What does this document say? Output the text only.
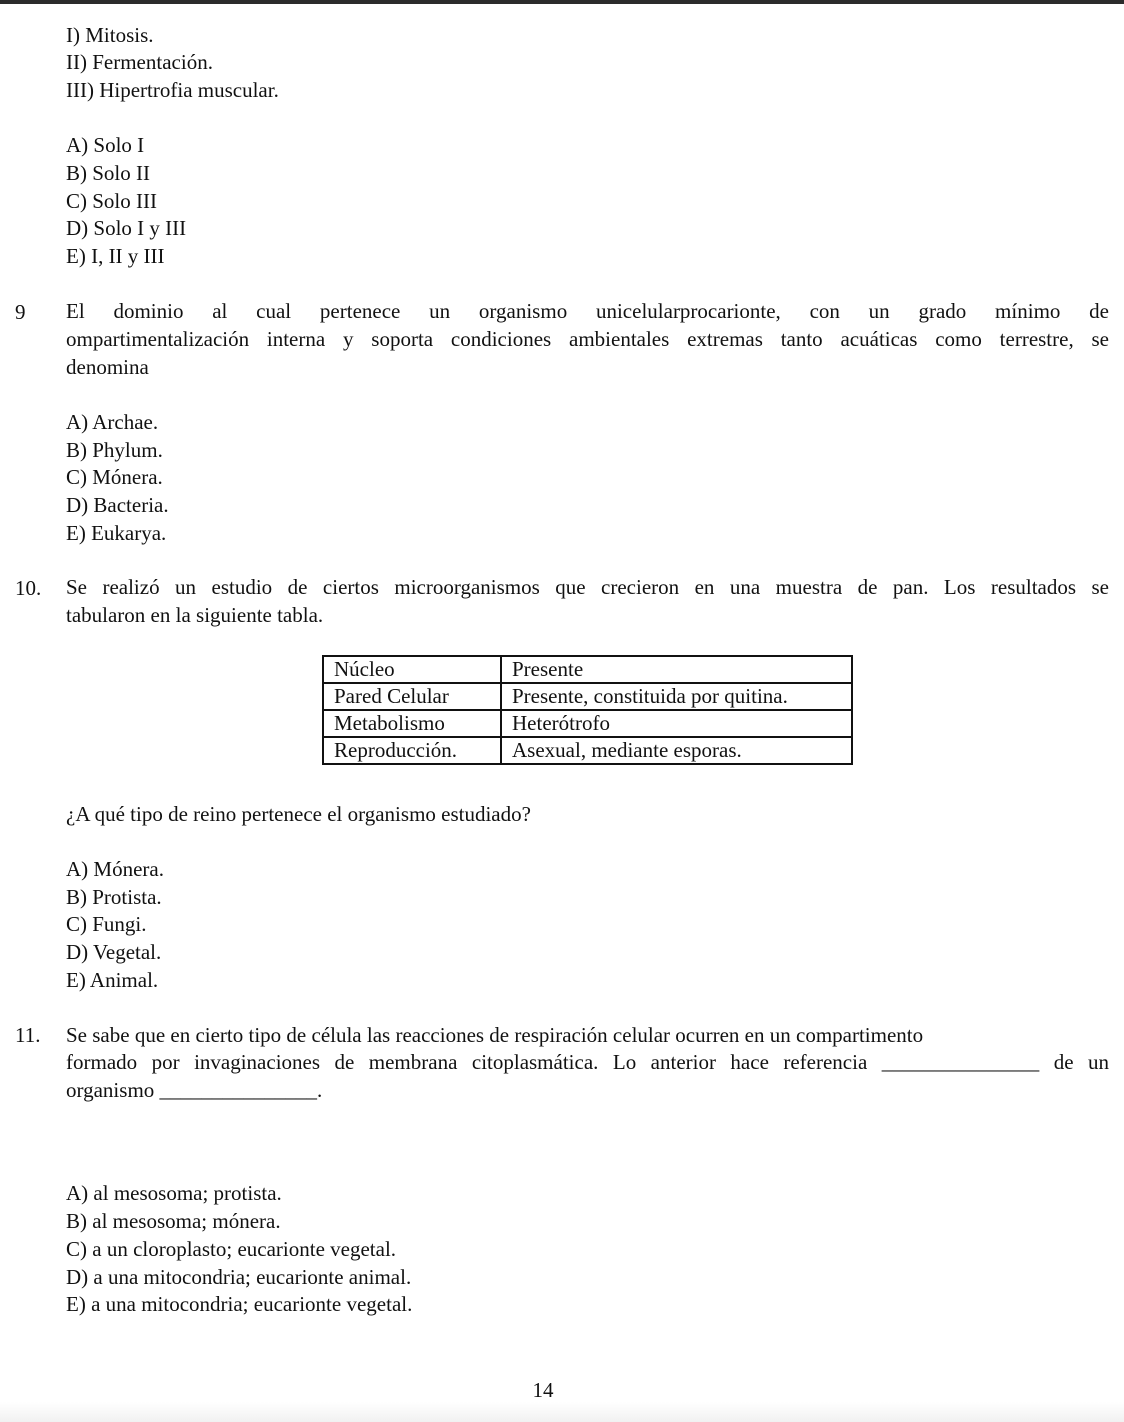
I) Mitosis.
II) Fermentación.
III) Hipertrofia muscular.
A) Solo I
B) Solo II
C) Solo III
D) Solo I y III
E) I, II y III
9 El dominio al cual pertenece un organismo unicelularprocarionte, con un grado mínimo de
ompartimentalización interna y soporta condiciones ambientales extremas tanto acuáticas como terrestre, se
denomina
A) Archae.
B) Phylum.
C) Mónera.
D) Bacteria.
E) Eukarya.
10. Se realizó un estudio de ciertos microorganismos que crecieron en una muestra de pan. Los resultados se
tabularon en la siguiente tabla.
Núcleo	Presente
Pared Celular	Presente, constituida por quitina.
Metabolismo	Heterótrofo
Reproducción.	Asexual, mediante esporas.
¿A qué tipo de reino pertenece el organismo estudiado?
A) Mónera.
B) Protista.
C) Fungi.
D) Vegetal.
E) Animal.
11. Se sabe que en cierto tipo de célula las reacciones de respiración celular ocurren en un compartimento
formado por invaginaciones de membrana citoplasmática. Lo anterior hace referencia _______________ de un
organismo _______________.
A) al mesosoma; protista.
B) al mesosoma; mónera.
C) a un cloroplasto; eucarionte vegetal.
D) a una mitocondria; eucarionte animal.
E) a una mitocondria; eucarionte vegetal.
14
